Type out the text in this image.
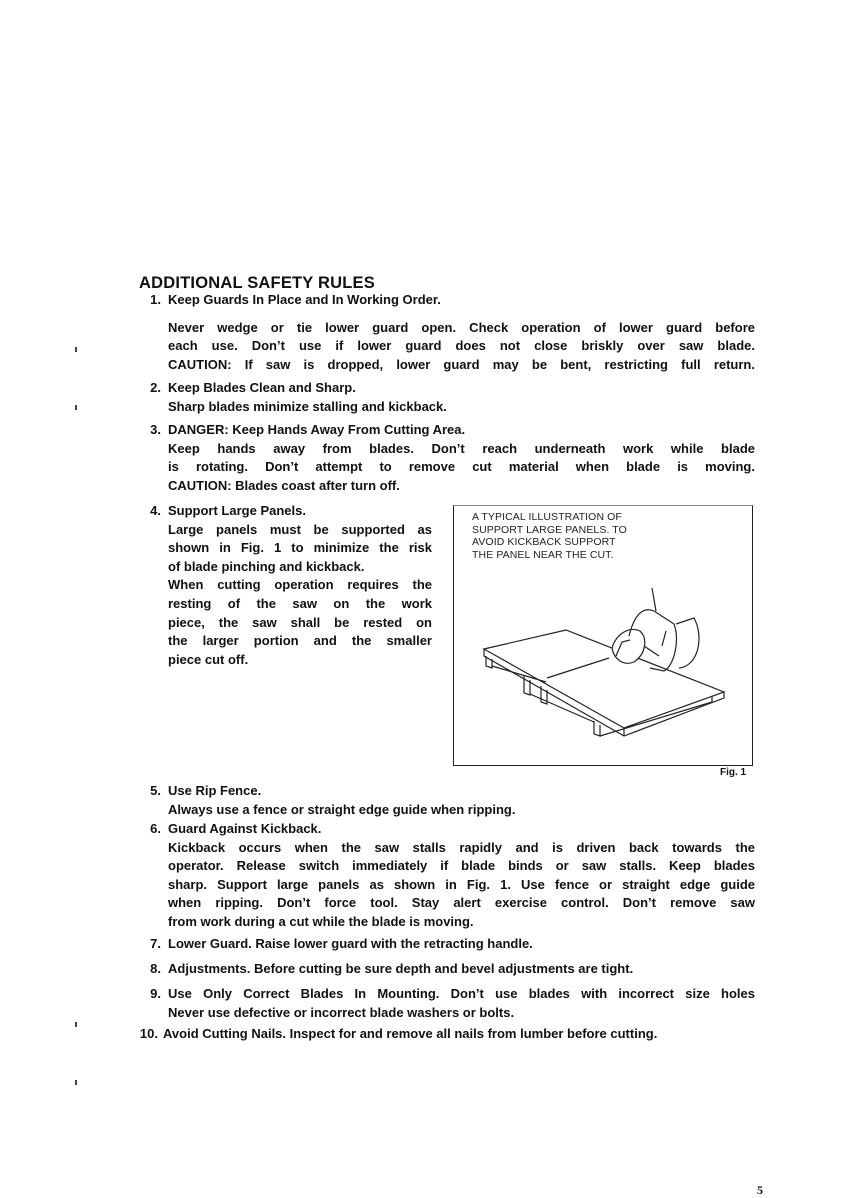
ADDITIONAL SAFETY RULES
1. Keep Guards In Place and In Working Order.
Never wedge or tie lower guard open. Check operation of lower guard before
each use. Don’t use if lower guard does not close briskly over saw blade.
CAUTION: If saw is dropped, lower guard may be bent, restricting full return.
2. Keep Blades Clean and Sharp.
Sharp blades minimize stalling and kickback.
3. DANGER: Keep Hands Away From Cutting Area.
Keep hands away from blades. Don’t reach underneath work while blade
is rotating. Don’t attempt to remove cut material when blade is moving.
CAUTION: Blades coast after turn off.
4. Support Large Panels.
Large panels must be supported as
shown in Fig. 1 to minimize the risk
of blade pinching and kickback.
When cutting operation requires the
resting of the saw on the work
piece, the saw shall be rested on
the larger portion and the smaller
piece cut off.
5. Use Rip Fence.
Always use a fence or straight edge guide when ripping.
6. Guard Against Kickback.
Kickback occurs when the saw stalls rapidly and is driven back towards the
operator. Release switch immediately if blade binds or saw stalls. Keep blades
sharp. Support large panels as shown in Fig. 1. Use fence or straight edge guide
when ripping. Don’t force tool. Stay alert exercise control. Don’t remove saw
from work during a cut while the blade is moving.
7. Lower Guard. Raise lower guard with the retracting handle.
8. Adjustments. Before cutting be sure depth and bevel adjustments are tight.
9. Use Only Correct Blades In Mounting. Don’t use blades with incorrect size holes
Never use defective or incorrect blade washers or bolts.
10. Avoid Cutting Nails. Inspect for and remove all nails from lumber before cutting.
A TYPICAL ILLUSTRATION OF
SUPPORT LARGE PANELS. TO
AVOID KICKBACK SUPPORT
THE PANEL NEAR THE CUT.
Fig. 1
5
